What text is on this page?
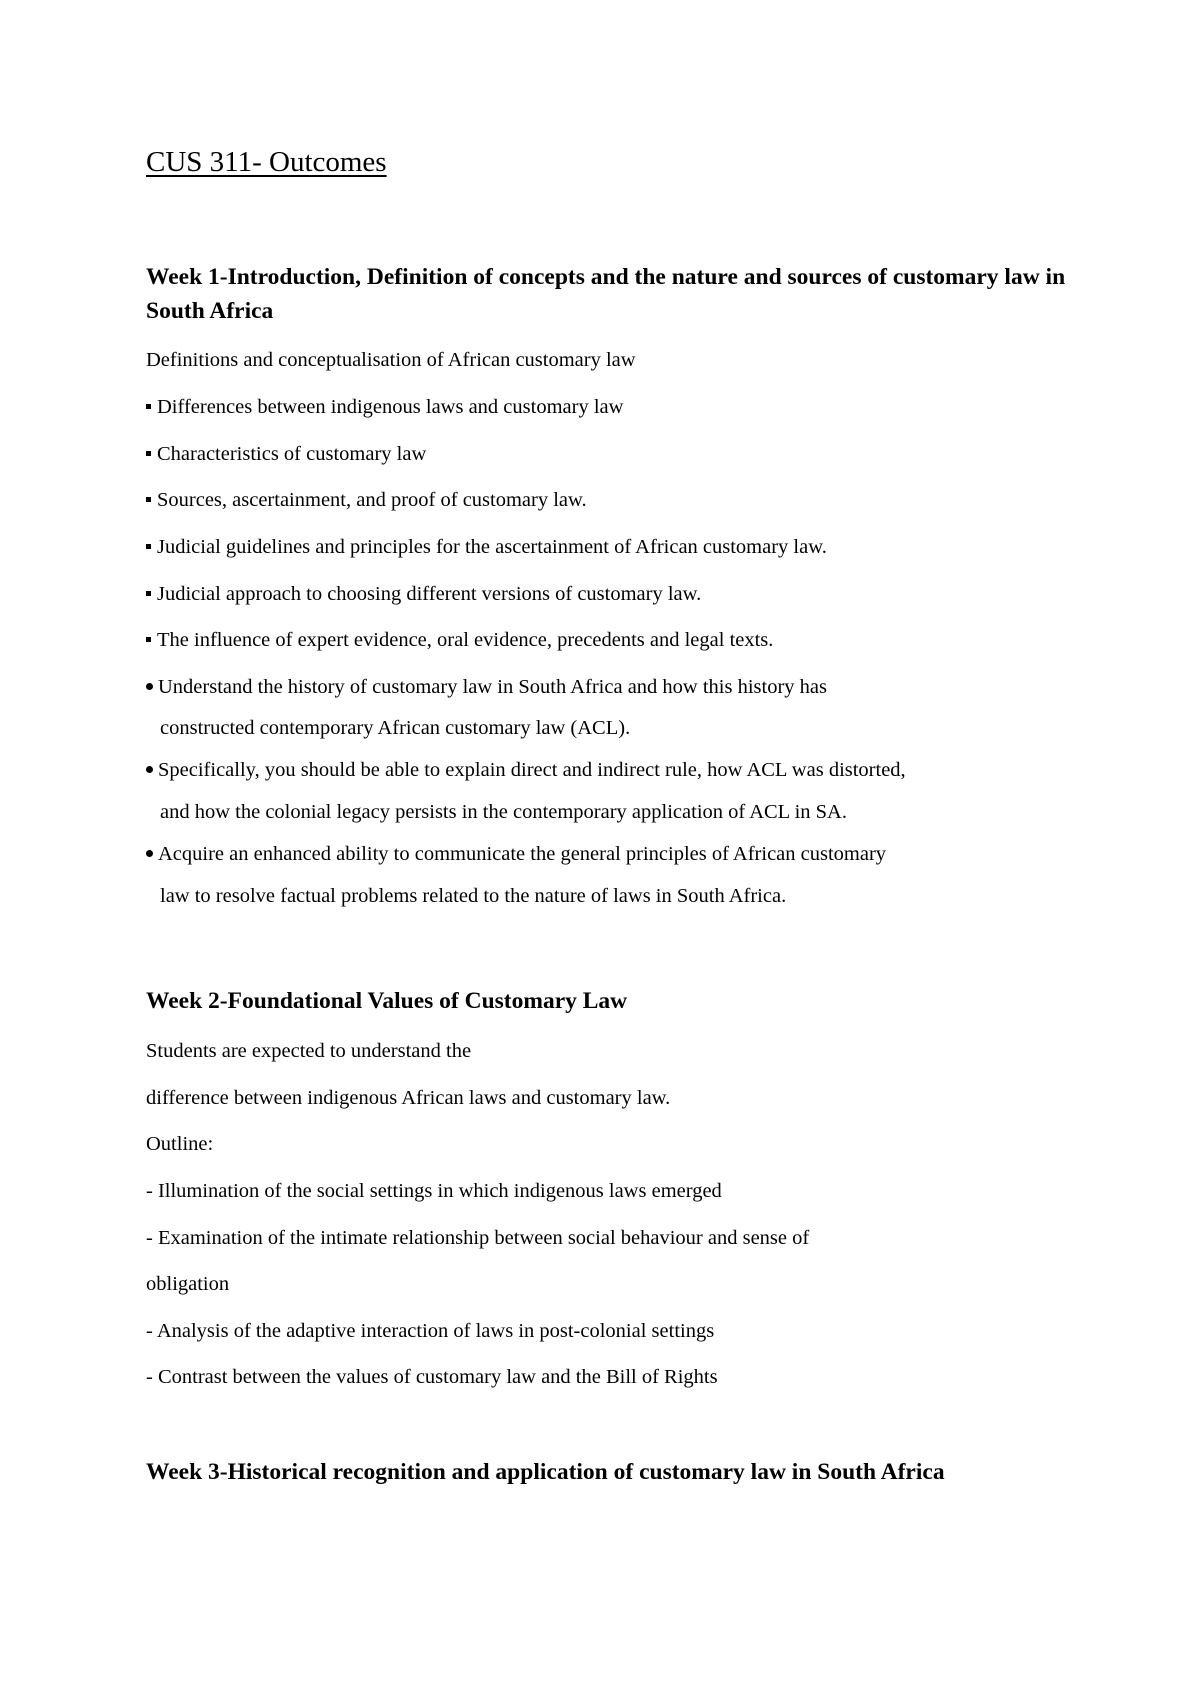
CUS 311- Outcomes
Week 1-Introduction, Definition of concepts and the nature and sources of customary law in South Africa

Definitions and conceptualisation of African customary law

Differences between indigenous laws and customary law

Characteristics of customary law

Sources, ascertainment, and proof of customary law.

Judicial guidelines and principles for the ascertainment of African customary law.

Judicial approach to choosing different versions of customary law.

The influence of expert evidence, oral evidence, precedents and legal texts.

Understand the history of customary law in South Africa and how this history has

constructed contemporary African customary law (ACL).

Specifically, you should be able to explain direct and indirect rule, how ACL was distorted,

and how the colonial legacy persists in the contemporary application of ACL in SA.

Acquire an enhanced ability to communicate the general principles of African customary

law to resolve factual problems related to the nature of laws in South Africa.

Week 2-Foundational Values of Customary Law

Students are expected to understand the

difference between indigenous African laws and customary law.

Outline:

- Illumination of the social settings in which indigenous laws emerged

- Examination of the intimate relationship between social behaviour and sense of

obligation

- Analysis of the adaptive interaction of laws in post-colonial settings

- Contrast between the values of customary law and the Bill of Rights

Week 3-Historical recognition and application of customary law in South Africa
